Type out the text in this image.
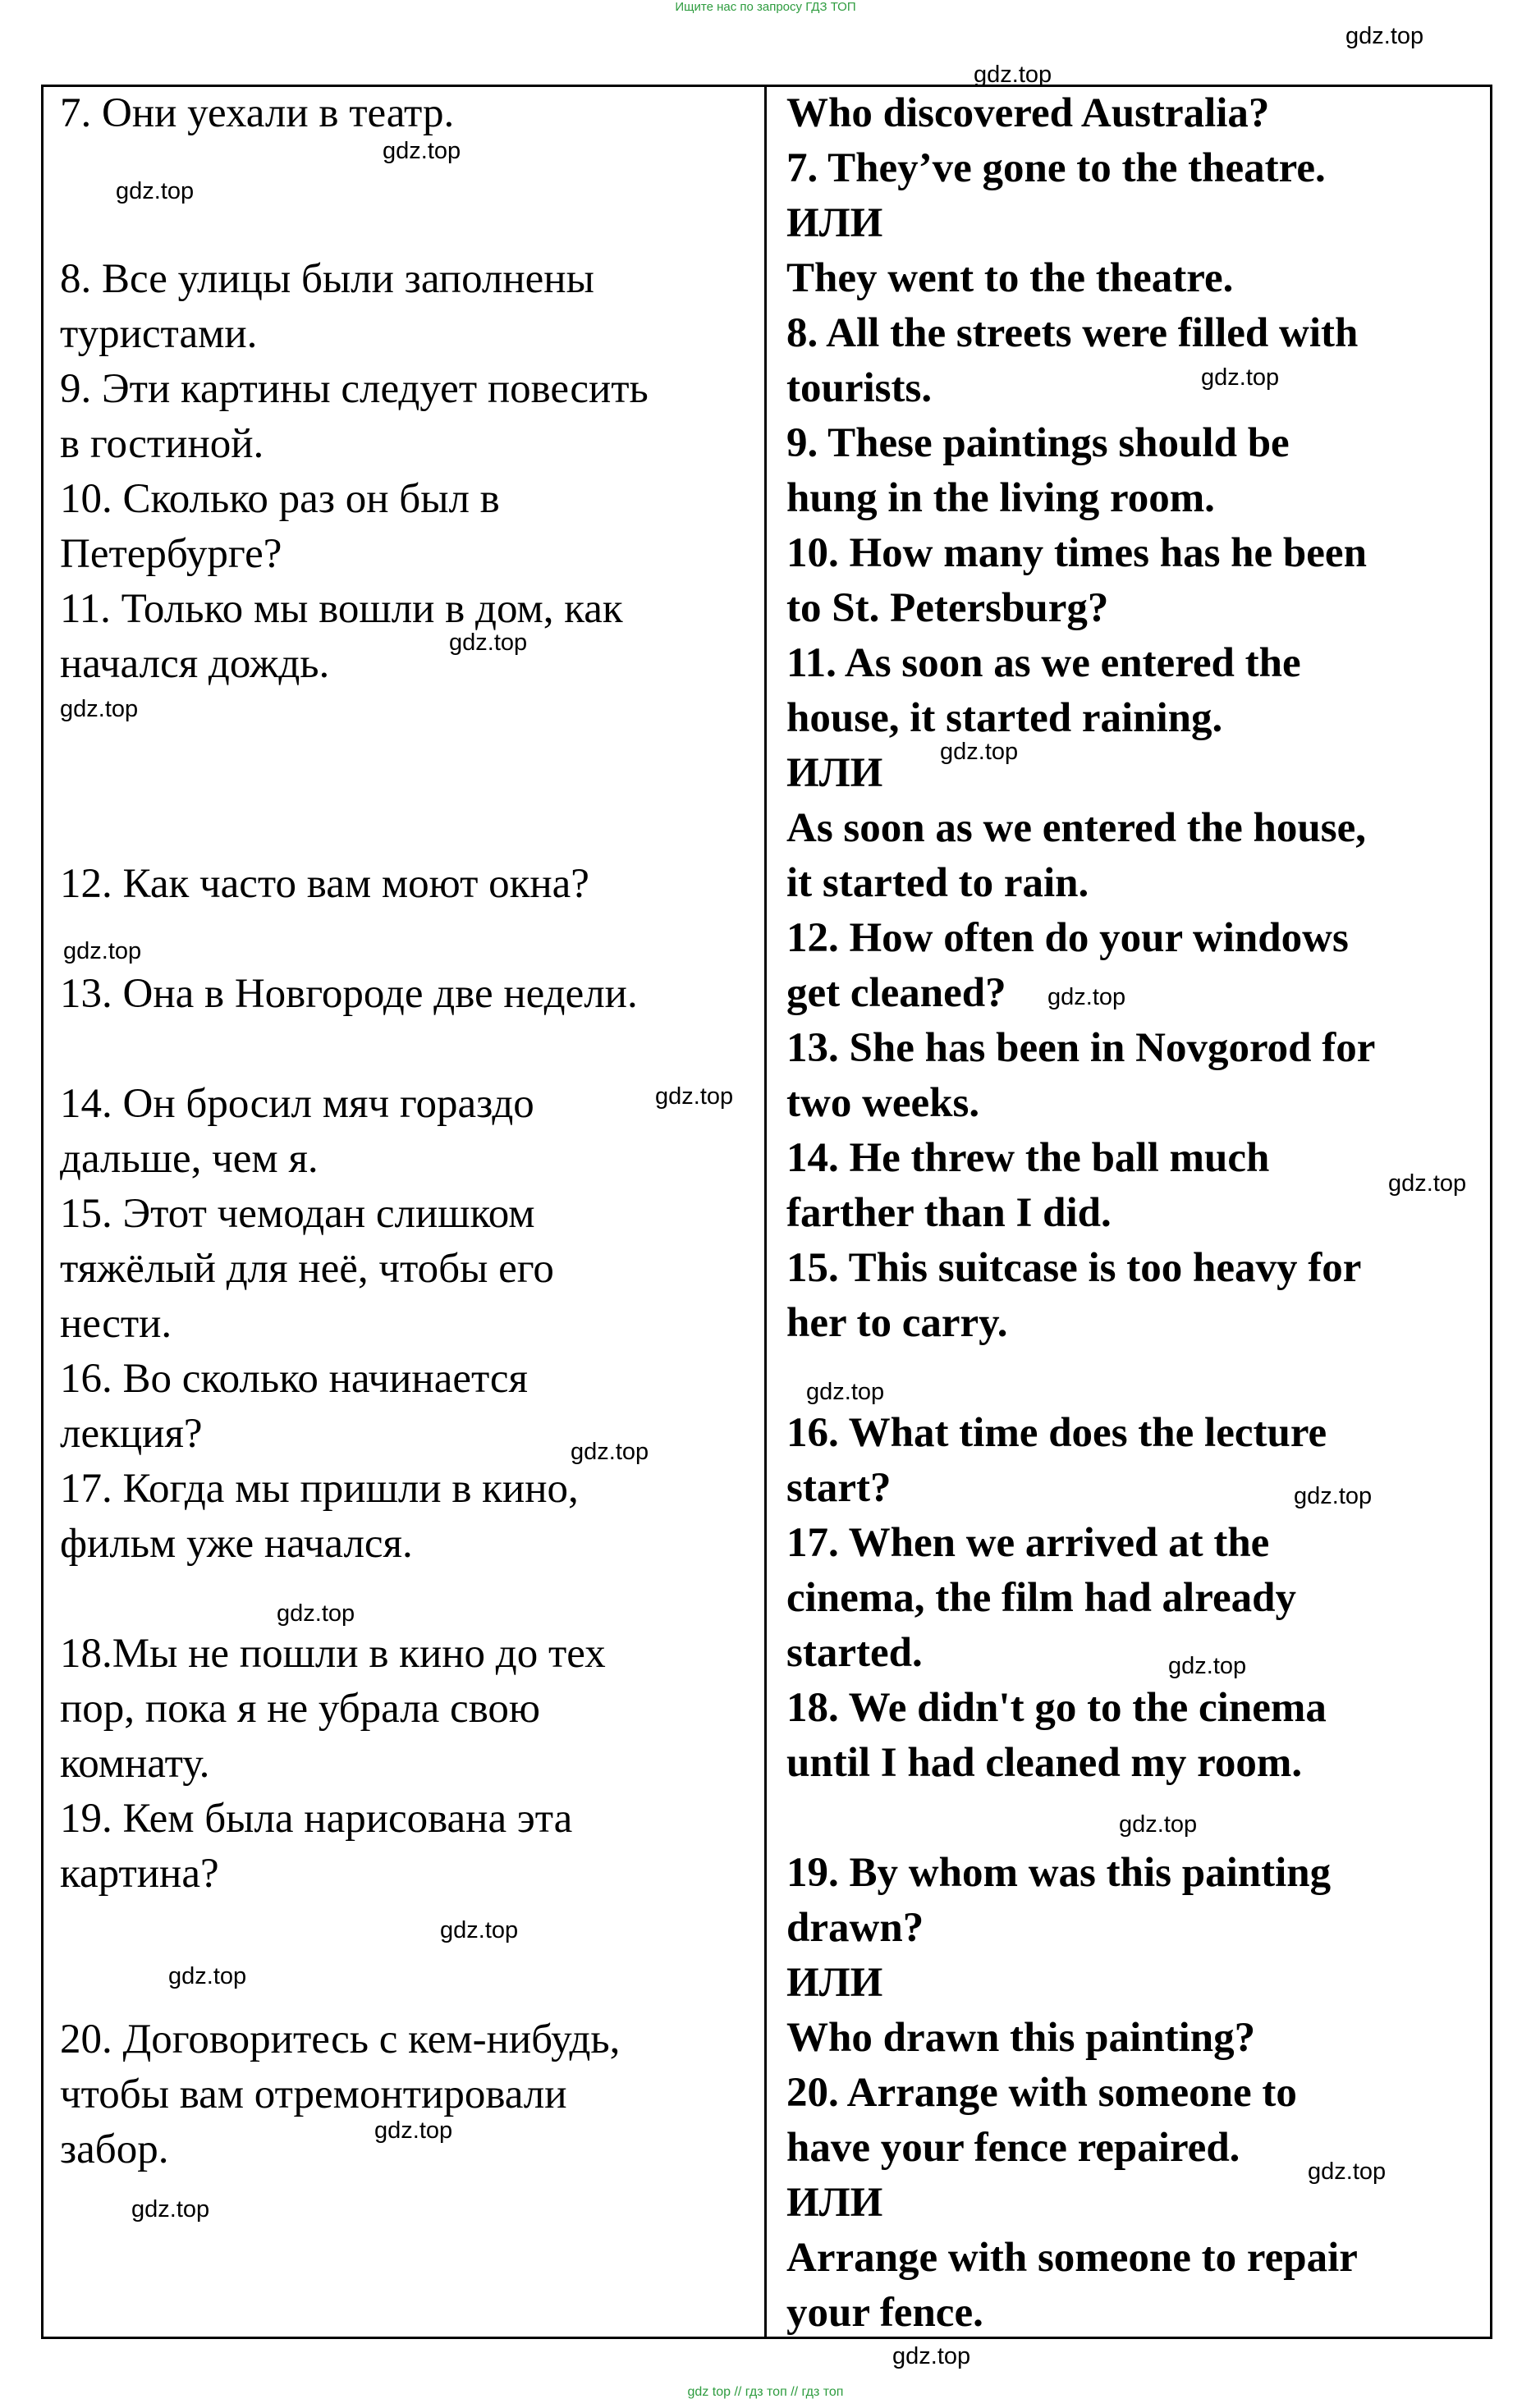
Ищите нас по запросу ГДЗ ТОП
7. Они уехали в театр.
8. Все улицы были заполнены
туристами.
9. Эти картины следует повесить
в гостиной.
10. Сколько раз он был в
Петербурге?
11. Только мы вошли в дом, как
начался дождь.
12. Как часто вам моют окна?
13. Она в Новгороде две недели.
14. Он бросил мяч гораздо
дальше, чем я.
15. Этот чемодан слишком
тяжёлый для неё, чтобы его
нести.
16. Во сколько начинается
лекция?
17. Когда мы пришли в кино,
фильм уже начался.
18.Мы не пошли в кино до тех
пор, пока я не убрала свою
комнату.
19. Кем была нарисована эта
картина?
20. Договоритесь с кем-нибудь,
чтобы вам отремонтировали
забор.
Who discovered Australia?
7. They’ve gone to the theatre.
ИЛИ
They went to the theatre.
8. All the streets were filled with
tourists.
9. These paintings should be
hung in the living room.
10. How many times has he been
to St. Petersburg?
11. As soon as we entered the
house, it started raining.
ИЛИ
As soon as we entered the house,
it started to rain.
12. How often do your windows
get cleaned?
13. She has been in Novgorod for
two weeks.
14. He threw the ball much
farther than I did.
15. This suitcase is too heavy for
her to carry.
16. What time does the lecture
start?
17. When we arrived at the
cinema, the film had already
started.
18. We didn't go to the cinema
until I had cleaned my room.
19. By whom was this painting
drawn?
ИЛИ
Who drawn this painting?
20. Arrange with someone to
have your fence repaired.
ИЛИ
Arrange with someone to repair
your fence.
gdz.top
gdz.top
gdz.top
gdz.top
gdz.top
gdz.top
gdz.top
gdz.top
gdz.top
gdz.top
gdz.top
gdz.top
gdz.top
gdz.top
gdz.top
gdz.top
gdz.top
gdz.top
gdz.top
gdz.top
gdz.top
gdz.top
gdz.top
gdz.top
gdz top // гдз топ // гдз топ
